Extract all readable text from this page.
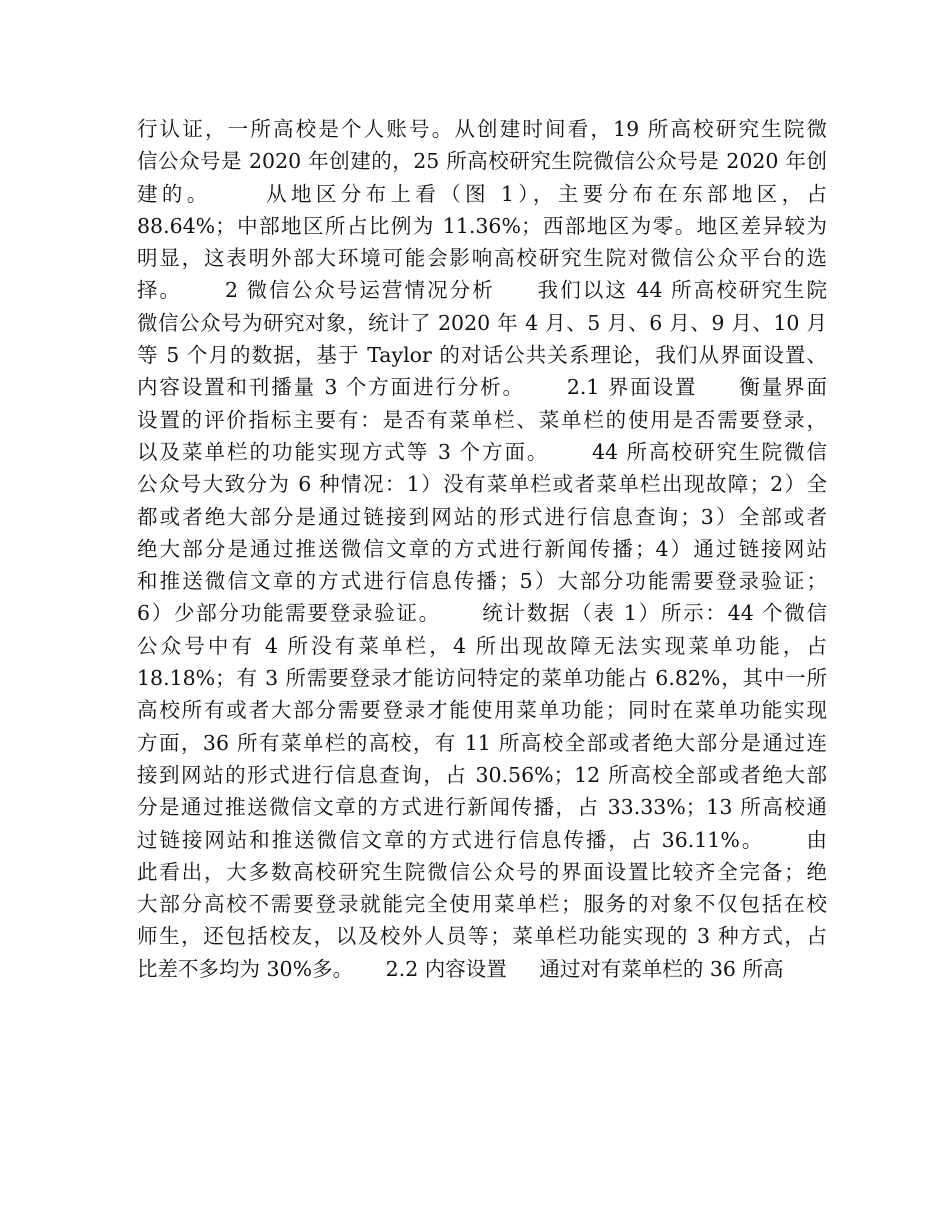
行认证，一所高校是个人账号。从创建时间看，19 所高校研究生院微
信公众号是 2020 年创建的，25 所高校研究生院微信公众号是 2020 年创
建的。     从地区分布上看（图 1），主要分布在东部地区，占
88.64%；中部地区所占比例为 11.36%；西部地区为零。地区差异较为
明显，这表明外部大环境可能会影响高校研究生院对微信公众平台的选
择。     2 微信公众号运营情况分析     我们以这 44 所高校研究生院
微信公众号为研究对象，统计了 2020 年 4 月、5 月、6 月、9 月、10 月
等 5 个月的数据，基于 Taylor 的对话公共关系理论，我们从界面设置、
内容设置和刊播量 3 个方面进行分析。     2.1 界面设置     衡量界面
设置的评价指标主要有：是否有菜单栏、菜单栏的使用是否需要登录，
以及菜单栏的功能实现方式等 3 个方面。     44 所高校研究生院微信
公众号大致分为 6 种情况：1）没有菜单栏或者菜单栏出现故障；2）全
都或者绝大部分是通过链接到网站的形式进行信息查询；3）全部或者
绝大部分是通过推送微信文章的方式进行新闻传播；4）通过链接网站
和推送微信文章的方式进行信息传播；5）大部分功能需要登录验证；
6）少部分功能需要登录验证。     统计数据（表 1）所示：44 个微信
公众号中有 4 所没有菜单栏，4 所出现故障无法实现菜单功能，占
18.18%；有 3 所需要登录才能访问特定的菜单功能占 6.82%，其中一所
高校所有或者大部分需要登录才能使用菜单功能；同时在菜单功能实现
方面，36 所有菜单栏的高校，有 11 所高校全部或者绝大部分是通过连
接到网站的形式进行信息查询，占 30.56%；12 所高校全部或者绝大部
分是通过推送微信文章的方式进行新闻传播，占 33.33%；13 所高校通
过链接网站和推送微信文章的方式进行信息传播，占 36.11%。     由
此看出，大多数高校研究生院微信公众号的界面设置比较齐全完备；绝
大部分高校不需要登录就能完全使用菜单栏；服务的对象不仅包括在校
师生，还包括校友，以及校外人员等；菜单栏功能实现的 3 种方式，占
比差不多均为 30%多。     2.2 内容设置     通过对有菜单栏的 36 所高
